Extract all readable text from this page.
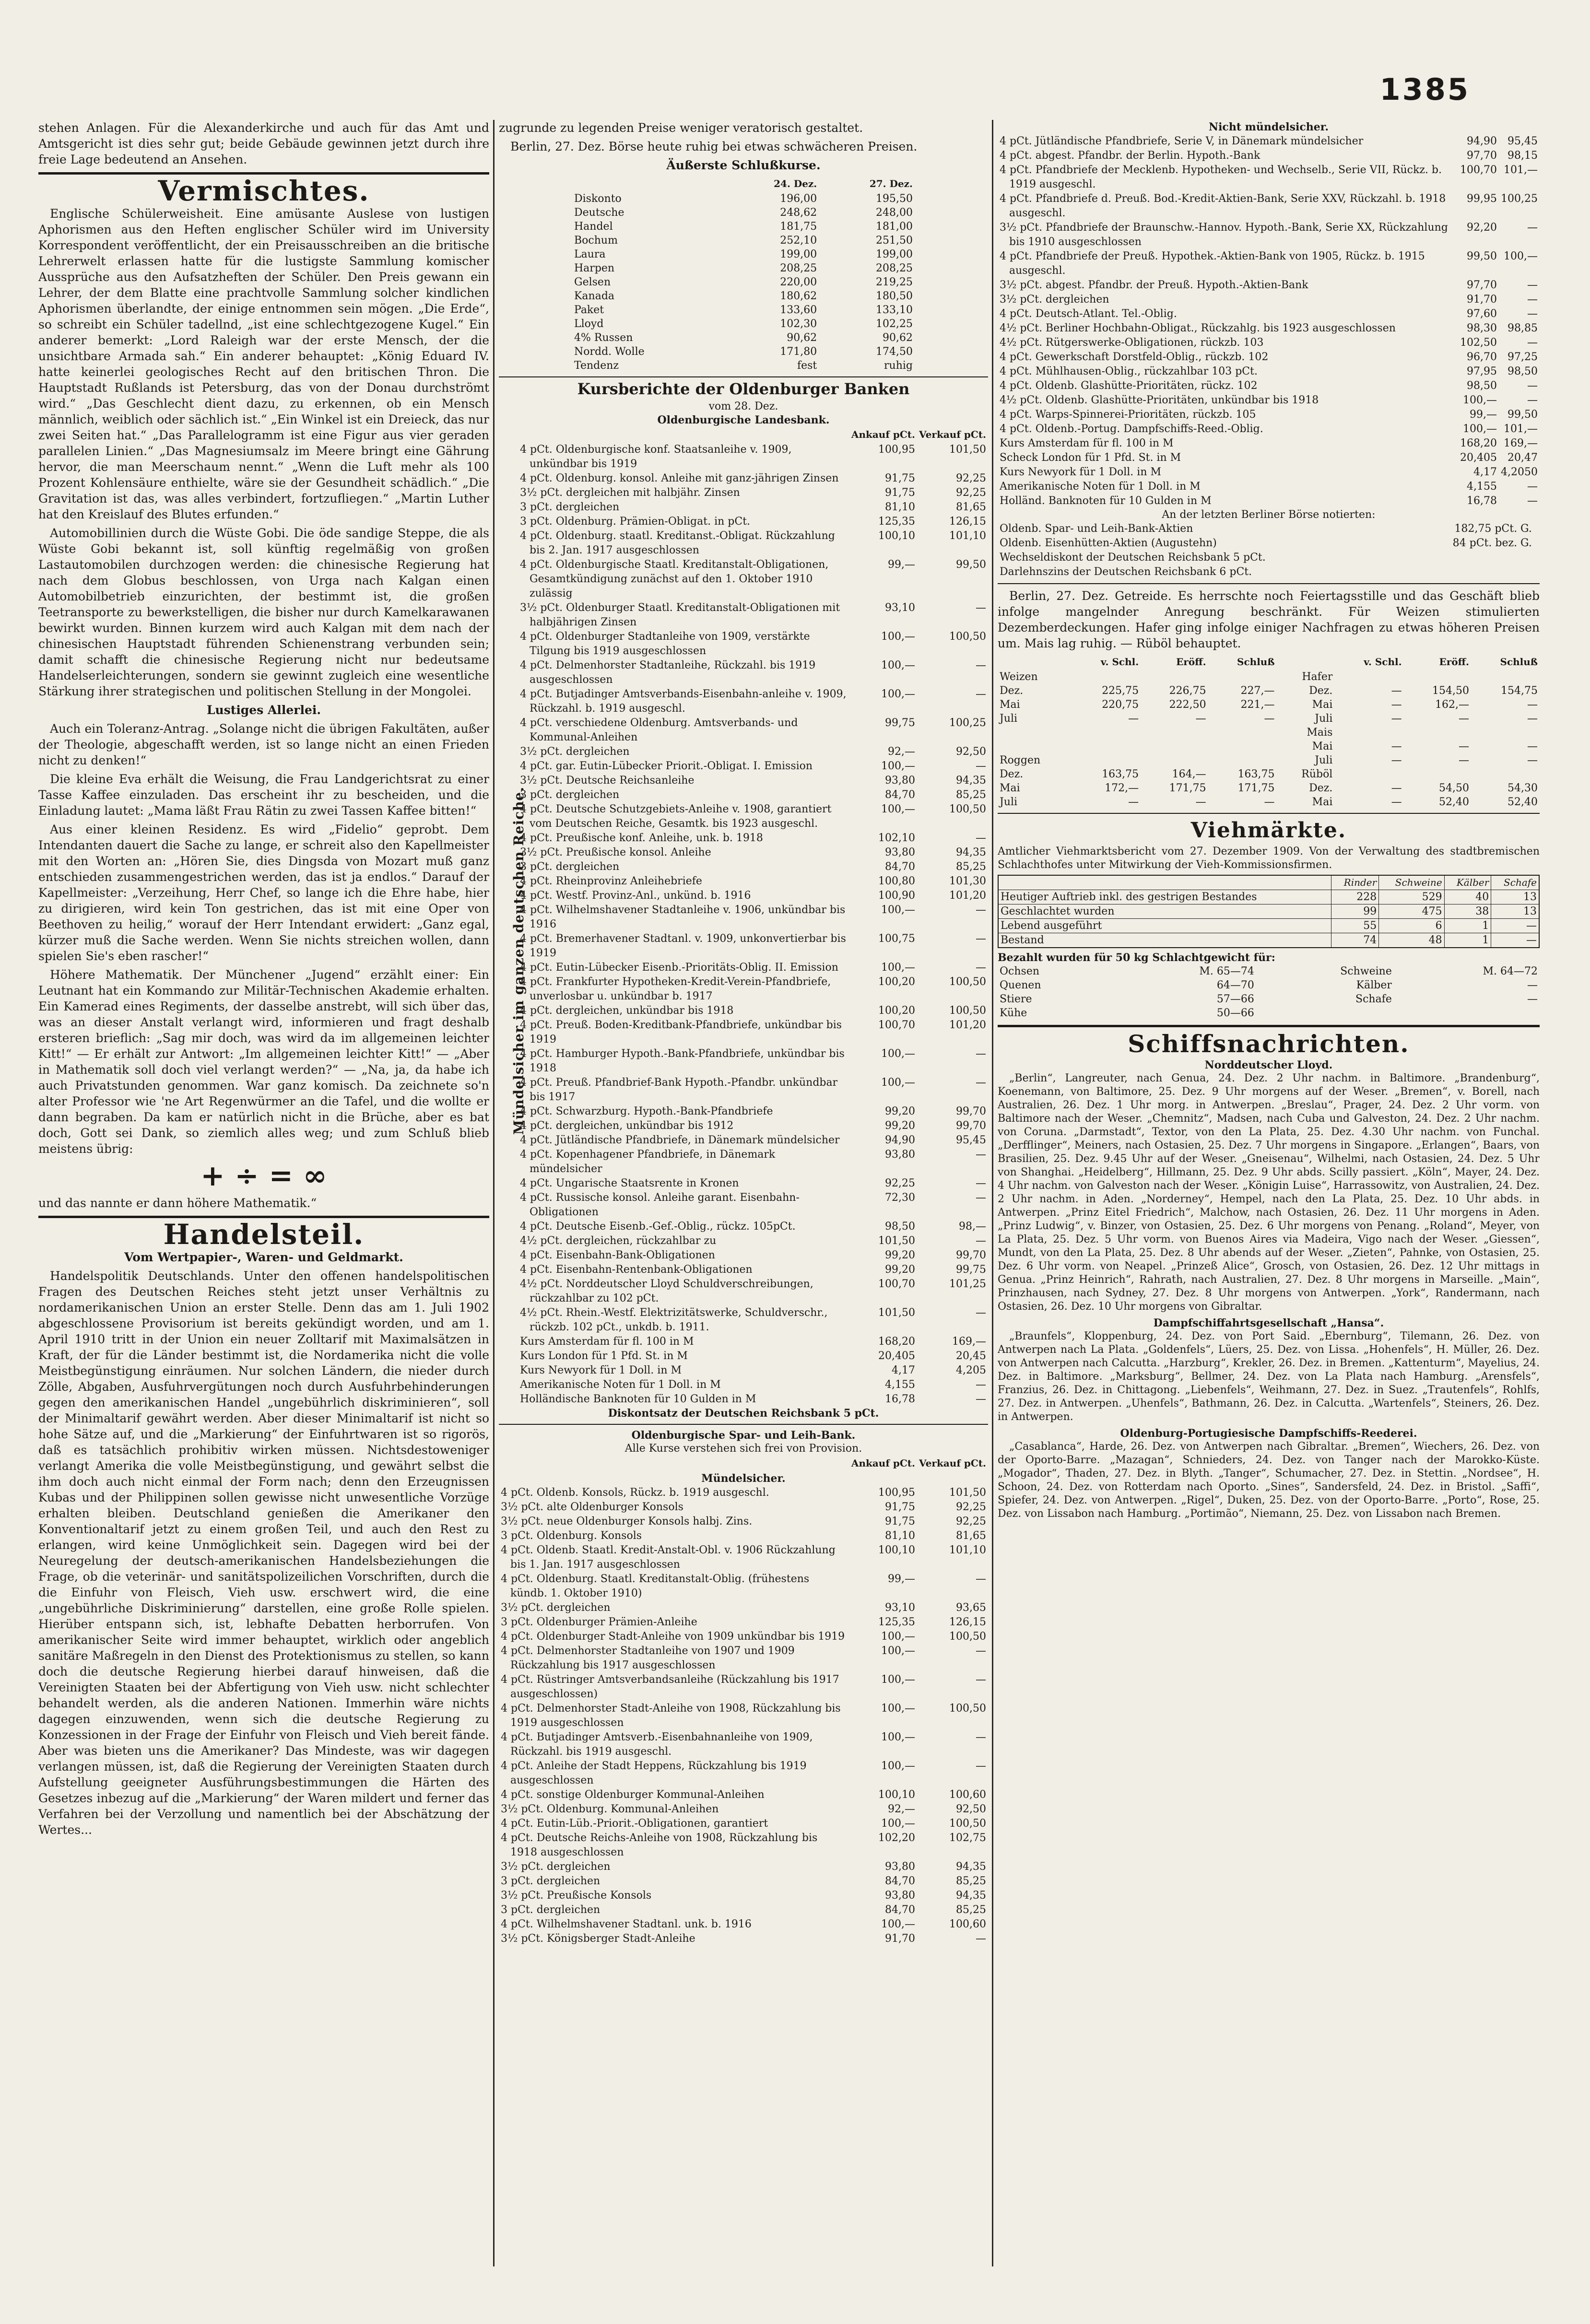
1385

stehen Anlagen. Für die Alexanderkirche und auch für das Amt und Amtsgericht ist dies sehr gut; beide Gebäude gewinnen jetzt durch ihre freie Lage bedeutend an Ansehen.

Vermischtes.

Englische Schülerweisheit. Eine amüsante Auslese von lustigen Aphorismen aus den Heften englischer Schüler wird im University Korrespondent veröffentlicht, der ein Preisausschreiben an die britische Lehrerwelt erlassen hatte für die lustigste Sammlung komischer Aussprüche aus den Aufsatzheften der Schüler. Den Preis gewann ein Lehrer, der dem Blatte eine prachtvolle Sammlung solcher kindlichen Aphorismen überlandte, der einige entnommen sein mögen. „Die Erde“, so schreibt ein Schüler tadellnd, „ist eine schlechtgezogene Kugel.“ Ein anderer bemerkt: „Lord Raleigh war der erste Mensch, der die unsichtbare Armada sah.“ Ein anderer behauptet: „König Eduard IV. hatte keinerlei geologisches Recht auf den britischen Thron. Die Hauptstadt Rußlands ist Petersburg, das von der Donau durchströmt wird.“ „Das Geschlecht dient dazu, zu erkennen, ob ein Mensch männlich, weiblich oder sächlich ist.“ „Ein Winkel ist ein Dreieck, das nur zwei Seiten hat.“ „Das Parallelogramm ist eine Figur aus vier geraden parallelen Linien.“ „Das Magnesiumsalz im Meere bringt eine Gährung hervor, die man Meerschaum nennt.“ „Wenn die Luft mehr als 100 Prozent Kohlensäure enthielte, wäre sie der Gesundheit schädlich.“ „Die Gravitation ist das, was alles verbindert, fortzufliegen.“ „Martin Luther hat den Kreislauf des Blutes erfunden.“

Automobillinien durch die Wüste Gobi. Die öde sandige Steppe, die als Wüste Gobi bekannt ist, soll künftig regelmäßig von großen Lastautomobilen durchzogen werden: die chinesische Regierung hat nach dem Globus beschlossen, von Urga nach Kalgan einen Automobilbetrieb einzurichten, der bestimmt ist, die großen Teetransporte zu bewerkstelligen, die bisher nur durch Kamelkarawanen bewirkt wurden. Binnen kurzem wird auch Kalgan mit dem nach der chinesischen Hauptstadt führenden Schienenstrang verbunden sein; damit schafft die chinesische Regierung nicht nur bedeutsame Handelserleichterungen, sondern sie gewinnt zugleich eine wesentliche Stärkung ihrer strategischen und politischen Stellung in der Mongolei.

Lustiges Allerlei.

Auch ein Toleranz-Antrag. „Solange nicht die übrigen Fakultäten, außer der Theologie, abgeschafft werden, ist so lange nicht an einen Frieden nicht zu denken!“

Die kleine Eva erhält die Weisung, die Frau Landgerichtsrat zu einer Tasse Kaffee einzuladen. Das erscheint ihr zu bescheiden, und die Einladung lautet: „Mama läßt Frau Rätin zu zwei Tassen Kaffee bitten!“

Aus einer kleinen Residenz. Es wird „Fidelio“ geprobt. Dem Intendanten dauert die Sache zu lange, er schreit also den Kapellmeister mit den Worten an: „Hören Sie, dies Dingsda von Mozart muß ganz entschieden zusammengestrichen werden, das ist ja endlos.“ Darauf der Kapellmeister: „Verzeihung, Herr Chef, so lange ich die Ehre habe, hier zu dirigieren, wird kein Ton gestrichen, das ist mit eine Oper von Beethoven zu heilig,“ worauf der Herr Intendant erwidert: „Ganz egal, kürzer muß die Sache werden. Wenn Sie nichts streichen wollen, dann spielen Sie's eben rascher!“

Höhere Mathematik. Der Münchener „Jugend“ erzählt einer: Ein Leutnant hat ein Kommando zur Militär-Technischen Akademie erhalten. Ein Kamerad eines Regiments, der dasselbe anstrebt, will sich über das, was an dieser Anstalt verlangt wird, informieren und fragt deshalb ersteren brieflich: „Sag mir doch, was wird da im allgemeinen leichter Kitt!“ — Er erhält zur Antwort: „Im allgemeinen leichter Kitt!“ — „Aber in Mathematik soll doch viel verlangt werden?“ — „Na, ja, da habe ich auch Privatstunden genommen. War ganz komisch. Da zeichnete so'n alter Professor wie 'ne Art Regenwürmer an die Tafel, und die wollte er dann begraben. Da kam er natürlich nicht in die Brüche, aber es bat doch, Gott sei Dank, so ziemlich alles weg; und zum Schluß blieb meistens übrig:

+ ÷ = ∞

und das nannte er dann höhere Mathematik.“

Handelsteil.
Vom Wertpapier-, Waren- und Geldmarkt.

Handelspolitik Deutschlands. Unter den offenen handelspolitischen Fragen des Deutschen Reiches steht jetzt unser Verhältnis zu nordamerikanischen Union an erster Stelle. Denn das am 1. Juli 1902 abgeschlossene Provisorium ist bereits gekündigt worden, und am 1. April 1910 tritt in der Union ein neuer Zolltarif mit Maximalsätzen in Kraft, der für die Länder bestimmt ist, die Nordamerika nicht die volle Meistbegünstigung einräumen. Nur solchen Ländern, die nieder durch Zölle, Abgaben, Ausfuhrvergütungen noch durch Ausfuhrbehinderungen gegen den amerikanischen Handel „ungebührlich diskriminieren“, soll der Minimaltarif gewährt werden. Aber dieser Minimaltarif ist nicht so hohe Sätze auf, und die „Markierung“ der Einfuhrtwaren ist so rigorös, daß es tatsächlich prohibitiv wirken müssen. Nichtsdestoweniger verlangt Amerika die volle Meistbegünstigung, und gewährt selbst die ihm doch auch nicht einmal der Form nach; denn den Erzeugnissen Kubas und der Philippinen sollen gewisse nicht unwesentliche Vorzüge erhalten bleiben. Deutschland genießen die Amerikaner den Konventionaltarif jetzt zu einem großen Teil, und auch den Rest zu erlangen, wird keine Unmöglichkeit sein. Dagegen wird bei der Neuregelung der deutsch-amerikanischen Handelsbeziehungen die Frage, ob die veterinär- und sanitätspolizeilichen Vorschriften, durch die die Einfuhr von Fleisch, Vieh usw. erschwert wird, die eine „ungebührliche Diskriminierung“ darstellen, eine große Rolle spielen. Hierüber entspann sich, ist, lebhafte Debatten herborrufen. Von amerikanischer Seite wird immer behauptet, wirklich oder angeblich sanitäre Maßregeln in den Dienst des Protektionismus zu stellen, so kann doch die deutsche Regierung hierbei darauf hinweisen, daß die Vereinigten Staaten bei der Abfertigung von Vieh usw. nicht schlechter behandelt werden, als die anderen Nationen. Immerhin wäre nichts dagegen einzuwenden, wenn sich die deutsche Regierung zu Konzessionen in der Frage der Einfuhr von Fleisch und Vieh bereit fände. Aber was bieten uns die Amerikaner? Das Mindeste, was wir dagegen verlangen müssen, ist, daß die Regierung der Vereinigten Staaten durch Aufstellung geeigneter Ausführungsbestimmungen die Härten des Gesetzes inbezug auf die „Markierung“ der Waren mildert und ferner das Verfahren bei der Verzollung und namentlich bei der Abschätzung der Wertes...

zugrunde zu legenden Preise weniger veratorisch gestaltet.

Berlin, 27. Dez. Börse heute ruhig bei etwas schwächeren Preisen.

Äußerste Schlußkurse.
	24. Dez.	27. Dez.
Diskonto	196,00	195,50
Deutsche	248,62	248,00
Handel	181,75	181,00
Bochum	252,10	251,50
Laura	199,00	199,00
Harpen	208,25	208,25
Gelsen	220,00	219,25
Kanada	180,62	180,50
Paket	133,60	133,10
Lloyd	102,30	102,25
4% Russen	90,62	90,62
Nordd. Wolle	171,80	174,50
Tendenz	fest	ruhig
Kursberichte der Oldenburger Banken
vom 28. Dez.
Oldenburgische Landesbank.
	Ankauf pCt.	Verkauf pCt.
4 pCt. Oldenburgische konf. Staatsanleihe v. 1909, unkündbar bis 1919	100,95	101,50
4 pCt. Oldenburg. konsol. Anleihe mit ganz-jährigen Zinsen	91,75	92,25
3½ pCt. dergleichen mit halbjähr. Zinsen	91,75	92,25
3 pCt. dergleichen	81,10	81,65
3 pCt. Oldenburg. Prämien-Obligat. in pCt.	125,35	126,15
4 pCt. Oldenburg. staatl. Kreditanst.-Obligat. Rückzahlung bis 2. Jan. 1917 ausgeschlossen	100,10	101,10
4 pCt. Oldenburgische Staatl. Kreditanstalt-Obligationen, Gesamtkündigung zunächst auf den 1. Oktober 1910 zulässig	99,—	99,50
3½ pCt. Oldenburger Staatl. Kreditanstalt-Obligationen mit halbjährigen Zinsen	93,10	—
4 pCt. Oldenburger Stadtanleihe von 1909, verstärkte Tilgung bis 1919 ausgeschlossen	100,—	100,50
4 pCt. Delmenhorster Stadtanleihe, Rückzahl. bis 1919 ausgeschlossen	100,—	—
4 pCt. Butjadinger Amtsverbands-Eisenbahn-anleihe v. 1909, Rückzahl. b. 1919 ausgeschl.	100,—	—
4 pCt. verschiedene Oldenburg. Amtsverbands- und Kommunal-Anleihen	99,75	100,25
3½ pCt. dergleichen	92,—	92,50
4 pCt. gar. Eutin-Lübecker Priorit.-Obligat. I. Emission	100,—	—
3½ pCt. Deutsche Reichsanleihe	93,80	94,35
3 pCt. dergleichen	84,70	85,25
4 pCt. Deutsche Schutzgebiets-Anleihe v. 1908, garantiert vom Deutschen Reiche, Gesamtk. bis 1923 ausgeschl.	100,—	100,50
4 pCt. Preußische konf. Anleihe, unk. b. 1918	102,10	—
3½ pCt. Preußische konsol. Anleihe	93,80	94,35
3 pCt. dergleichen	84,70	85,25
4 pCt. Rheinprovinz Anleihebriefe	100,80	101,30
4 pCt. Westf. Provinz-Anl., unkünd. b. 1916	100,90	101,20
4 pCt. Wilhelmshavener Stadtanleihe v. 1906, unkündbar bis 1916	100,—	—
4 pCt. Bremerhavener Stadtanl. v. 1909, unkonvertierbar bis 1919	100,75	—
4 pCt. Eutin-Lübecker Eisenb.-Prioritäts-Oblig. II. Emission	100,—	—
4 pCt. Frankfurter Hypotheken-Kredit-Verein-Pfandbriefe, unverlosbar u. unkündbar b. 1917	100,20	100,50
4 pCt. dergleichen, unkündbar bis 1918	100,20	100,50
4 pCt. Preuß. Boden-Kreditbank-Pfandbriefe, unkündbar bis 1919	100,70	101,20
4 pCt. Hamburger Hypoth.-Bank-Pfandbriefe, unkündbar bis 1918	100,—	—
4 pCt. Preuß. Pfandbrief-Bank Hypoth.-Pfandbr. unkündbar bis 1917	100,—	—
4 pCt. Schwarzburg. Hypoth.-Bank-Pfandbriefe	99,20	99,70
4 pCt. dergleichen, unkündbar bis 1912	99,20	99,70
4 pCt. Jütländische Pfandbriefe, in Dänemark mündelsicher	94,90	95,45
4 pCt. Kopenhagener Pfandbriefe, in Dänemark mündelsicher	93,80	—
4 pCt. Ungarische Staatsrente in Kronen	92,25	—
4 pCt. Russische konsol. Anleihe garant. Eisenbahn-Obligationen	72,30	—
4 pCt. Deutsche Eisenb.-Gef.-Oblig., rückz. 105pCt.	98,50	98,—
4½ pCt. dergleichen, rückzahlbar zu	101,50	—
4 pCt. Eisenbahn-Bank-Obligationen	99,20	99,70
4 pCt. Eisenbahn-Rentenbank-Obligationen	99,20	99,75
4½ pCt. Norddeutscher Lloyd Schuldverschreibungen, rückzahlbar zu 102 pCt.	100,70	101,25
4½ pCt. Rhein.-Westf. Elektrizitätswerke, Schuldverschr., rückzb. 102 pCt., unkdb. b. 1911.	101,50	—
Kurs Amsterdam für fl. 100 in M	168,20	169,—
Kurs London für 1 Pfd. St. in M	20,405	20,45
Kurs Newyork für 1 Doll. in M	4,17	4,205
Amerikanische Noten für 1 Doll. in M	4,155	—
Holländische Banknoten für 10 Gulden in M	16,78	—
Diskontsatz der Deutschen Reichsbank 5 pCt.
Oldenburgische Spar- und Leih-Bank.
Alle Kurse verstehen sich frei von Provision.
	Ankauf pCt.	Verkauf pCt.
Mündelsicher.		
4 pCt. Oldenb. Konsols, Rückz. b. 1919 ausgeschl.	100,95	101,50
3½ pCt. alte Oldenburger Konsols	91,75	92,25
3½ pCt. neue Oldenburger Konsols halbj. Zins.	91,75	92,25
3 pCt. Oldenburg. Konsols	81,10	81,65
4 pCt. Oldenb. Staatl. Kredit-Anstalt-Obl. v. 1906 Rückzahlung bis 1. Jan. 1917 ausgeschlossen	100,10	101,10
4 pCt. Oldenburg. Staatl. Kreditanstalt-Oblig. (frühestens kündb. 1. Oktober 1910)	99,—	—
3½ pCt. dergleichen	93,10	93,65
3 pCt. Oldenburger Prämien-Anleihe	125,35	126,15
4 pCt. Oldenburger Stadt-Anleihe von 1909 unkündbar bis 1919	100,—	100,50
4 pCt. Delmenhorster Stadtanleihe von 1907 und 1909 Rückzahlung bis 1917 ausgeschlossen	100,—	—
4 pCt. Rüstringer Amtsverbandsanleihe (Rückzahlung bis 1917 ausgeschlossen)	100,—	—
4 pCt. Delmenhorster Stadt-Anleihe von 1908, Rückzahlung bis 1919 ausgeschlossen	100,—	100,50
4 pCt. Butjadinger Amtsverb.-Eisenbahnanleihe von 1909, Rückzahl. bis 1919 ausgeschl.	100,—	—
4 pCt. Anleihe der Stadt Heppens, Rückzahlung bis 1919 ausgeschlossen	100,—	—
4 pCt. sonstige Oldenburger Kommunal-Anleihen	100,10	100,60
3½ pCt. Oldenburg. Kommunal-Anleihen	92,—	92,50
4 pCt. Eutin-Lüb.-Priorit.-Obligationen, garantiert	100,—	100,50
4 pCt. Deutsche Reichs-Anleihe von 1908, Rückzahlung bis 1918 ausgeschlossen	102,20	102,75
3½ pCt. dergleichen	93,80	94,35
3 pCt. dergleichen	84,70	85,25
3½ pCt. Preußische Konsols	93,80	94,35
3 pCt. dergleichen	84,70	85,25
4 pCt. Wilhelmshavener Stadtanl. unk. b. 1916	100,—	100,60
3½ pCt. Königsberger Stadt-Anleihe	91,70	—
Mündelsicher im ganzen deutschen Reiche.
Nicht mündelsicher.		
4 pCt. Jütländische Pfandbriefe, Serie V, in Dänemark mündelsicher	94,90	95,45
4 pCt. abgest. Pfandbr. der Berlin. Hypoth.-Bank	97,70	98,15
4 pCt. Pfandbriefe der Mecklenb. Hypotheken- und Wechselb., Serie VII, Rückz. b. 1919 ausgeschl.	100,70	101,—
4 pCt. Pfandbriefe d. Preuß. Bod.-Kredit-Aktien-Bank, Serie XXV, Rückzahl. b. 1918 ausgeschl.	99,95	100,25
3½ pCt. Pfandbriefe der Braunschw.-Hannov. Hypoth.-Bank, Serie XX, Rückzahlung bis 1910 ausgeschlossen	92,20	—
4 pCt. Pfandbriefe der Preuß. Hypothek.-Aktien-Bank von 1905, Rückz. b. 1915 ausgeschl.	99,50	100,—
3½ pCt. abgest. Pfandbr. der Preuß. Hypoth.-Aktien-Bank	97,70	—
3½ pCt. dergleichen	91,70	—
4 pCt. Deutsch-Atlant. Tel.-Oblig.	97,60	—
4½ pCt. Berliner Hochbahn-Obligat., Rückzahlg. bis 1923 ausgeschlossen	98,30	98,85
4½ pCt. Rütgerswerke-Obligationen, rückzb. 103	102,50	—
4 pCt. Gewerkschaft Dorstfeld-Oblig., rückzb. 102	96,70	97,25
4 pCt. Mühlhausen-Oblig., rückzahlbar 103 pCt.	97,95	98,50
4 pCt. Oldenb. Glashütte-Prioritäten, rückz. 102	98,50	—
4½ pCt. Oldenb. Glashütte-Prioritäten, unkündbar bis 1918	100,—	—
4 pCt. Warps-Spinnerei-Prioritäten, rückzb. 105	99,—	99,50
4 pCt. Oldenb.-Portug. Dampfschiffs-Reed.-Oblig.	100,—	101,—
Kurs Amsterdam für fl. 100 in M	168,20	169,—
Scheck London für 1 Pfd. St. in M	20,405	20,47
Kurs Newyork für 1 Doll. in M	4,17	4,2050
Amerikanische Noten für 1 Doll. in M	4,155	—
Holländ. Banknoten für 10 Gulden in M	16,78	—
An der letzten Berliner Börse notierten:
Oldenb. Spar- und Leih-Bank-Aktien	182,75 pCt. G.	
Oldenb. Eisenhütten-Aktien (Augustehn)	84 pCt. bez. G.	
Wechseldiskont der Deutschen Reichsbank 5 pCt.		
Darlehnszins der Deutschen Reichsbank 6 pCt.		

Berlin, 27. Dez. Getreide. Es herrschte noch Feiertagsstille und das Geschäft blieb infolge mangelnder Anregung beschränkt. Für Weizen stimulierten Dezemberdeckungen. Hafer ging infolge einiger Nachfragen zu etwas höheren Preisen um. Mais lag ruhig. — Rüböl behauptet.

	v. Schl.	Eröff.	Schluß		v. Schl.	Eröff.	Schluß
Weizen				Hafer			
Dez.	225,75	226,75	227,—	Dez.	—	154,50	154,75
Mai	220,75	222,50	221,—	Mai	—	162,—	—
Juli	—	—	—	Juli	—	—	—
				Mais			
				Mai	—	—	—
Roggen				Juli	—	—	—
Dez.	163,75	164,—	163,75	Rüböl			
Mai	172,—	171,75	171,75	Dez.	—	54,50	54,30
Juli	—	—	—	Mai	—	52,40	52,40
Viehmärkte.

Amtlicher Viehmarktsbericht vom 27. Dezember 1909. Von der Verwaltung des stadtbremischen Schlachthofes unter Mitwirkung der Vieh-Kommissionsfirmen.

	Rinder	Schweine	Kälber	Schafe
Heutiger Auftrieb inkl. des gestrigen Bestandes	228	529	40	13
Geschlachtet wurden	99	475	38	13
Lebend ausgeführt	55	6	1	—
Bestand	74	48	1	—
Bezahlt wurden für 50 kg Schlachtgewicht für:
Ochsen	M. 65—74	Schweine	M. 64—72
Quenen	64—70	Kälber	—
Stiere	57—66	Schafe	—
Kühe	50—66		
Schiffsnachrichten.
Norddeutscher Lloyd.

„Berlin“, Langreuter, nach Genua, 24. Dez. 2 Uhr nachm. in Baltimore. „Brandenburg“, Koenemann, von Baltimore, 25. Dez. 9 Uhr morgens auf der Weser. „Bremen“, v. Borell, nach Australien, 26. Dez. 1 Uhr morg. in Antwerpen. „Breslau“, Prager, 24. Dez. 2 Uhr vorm. von Baltimore nach der Weser. „Chemnitz“, Madsen, nach Cuba und Galveston, 24. Dez. 2 Uhr nachm. von Coruna. „Darmstadt“, Textor, von den La Plata, 25. Dez. 4.30 Uhr nachm. von Funchal. „Derfflinger“, Meiners, nach Ostasien, 25. Dez. 7 Uhr morgens in Singapore. „Erlangen“, Baars, von Brasilien, 25. Dez. 9.45 Uhr auf der Weser. „Gneisenau“, Wilhelmi, nach Ostasien, 24. Dez. 5 Uhr von Shanghai. „Heidelberg“, Hillmann, 25. Dez. 9 Uhr abds. Scilly passiert. „Köln“, Mayer, 24. Dez. 4 Uhr nachm. von Galveston nach der Weser. „Königin Luise“, Harrassowitz, von Australien, 24. Dez. 2 Uhr nachm. in Aden. „Norderney“, Hempel, nach den La Plata, 25. Dez. 10 Uhr abds. in Antwerpen. „Prinz Eitel Friedrich“, Malchow, nach Ostasien, 26. Dez. 11 Uhr morgens in Aden. „Prinz Ludwig“, v. Binzer, von Ostasien, 25. Dez. 6 Uhr morgens von Penang. „Roland“, Meyer, von La Plata, 25. Dez. 5 Uhr vorm. von Buenos Aires via Madeira, Vigo nach der Weser. „Giessen“, Mundt, von den La Plata, 25. Dez. 8 Uhr abends auf der Weser. „Zieten“, Pahnke, von Ostasien, 25. Dez. 6 Uhr vorm. von Neapel. „Prinzeß Alice“, Grosch, von Ostasien, 26. Dez. 12 Uhr mittags in Genua. „Prinz Heinrich“, Rahrath, nach Australien, 27. Dez. 8 Uhr morgens in Marseille. „Main“, Prinzhausen, nach Sydney, 27. Dez. 8 Uhr morgens von Antwerpen. „York“, Randermann, nach Ostasien, 26. Dez. 10 Uhr morgens von Gibraltar.

Dampfschiffahrtsgesellschaft „Hansa“.

„Braunfels“, Kloppenburg, 24. Dez. von Port Said. „Ebernburg“, Tilemann, 26. Dez. von Antwerpen nach La Plata. „Goldenfels“, Lüers, 25. Dez. von Lissa. „Hohenfels“, H. Müller, 26. Dez. von Antwerpen nach Calcutta. „Harzburg“, Krekler, 26. Dez. in Bremen. „Kattenturm“, Mayelius, 24. Dez. in Baltimore. „Marksburg“, Bellmer, 24. Dez. von La Plata nach Hamburg. „Arensfels“, Franzius, 26. Dez. in Chittagong. „Liebenfels“, Weihmann, 27. Dez. in Suez. „Trautenfels“, Rohlfs, 27. Dez. in Antwerpen. „Uhenfels“, Bathmann, 26. Dez. in Calcutta. „Wartenfels“, Steiners, 26. Dez. in Antwerpen.

Oldenburg-Portugiesische Dampfschiffs-Reederei.

„Casablanca“, Harde, 26. Dez. von Antwerpen nach Gibraltar. „Bremen“, Wiechers, 26. Dez. von der Oporto-Barre. „Mazagan“, Schnieders, 24. Dez. von Tanger nach der Marokko-Küste. „Mogador“, Thaden, 27. Dez. in Blyth. „Tanger“, Schumacher, 27. Dez. in Stettin. „Nordsee“, H. Schoon, 24. Dez. von Rotterdam nach Oporto. „Sines“, Sandersfeld, 24. Dez. in Bristol. „Saffi“, Spiefer, 24. Dez. von Antwerpen. „Rigel“, Duken, 25. Dez. von der Oporto-Barre. „Porto“, Rose, 25. Dez. von Lissabon nach Hamburg. „Portimão“, Niemann, 25. Dez. von Lissabon nach Bremen.
